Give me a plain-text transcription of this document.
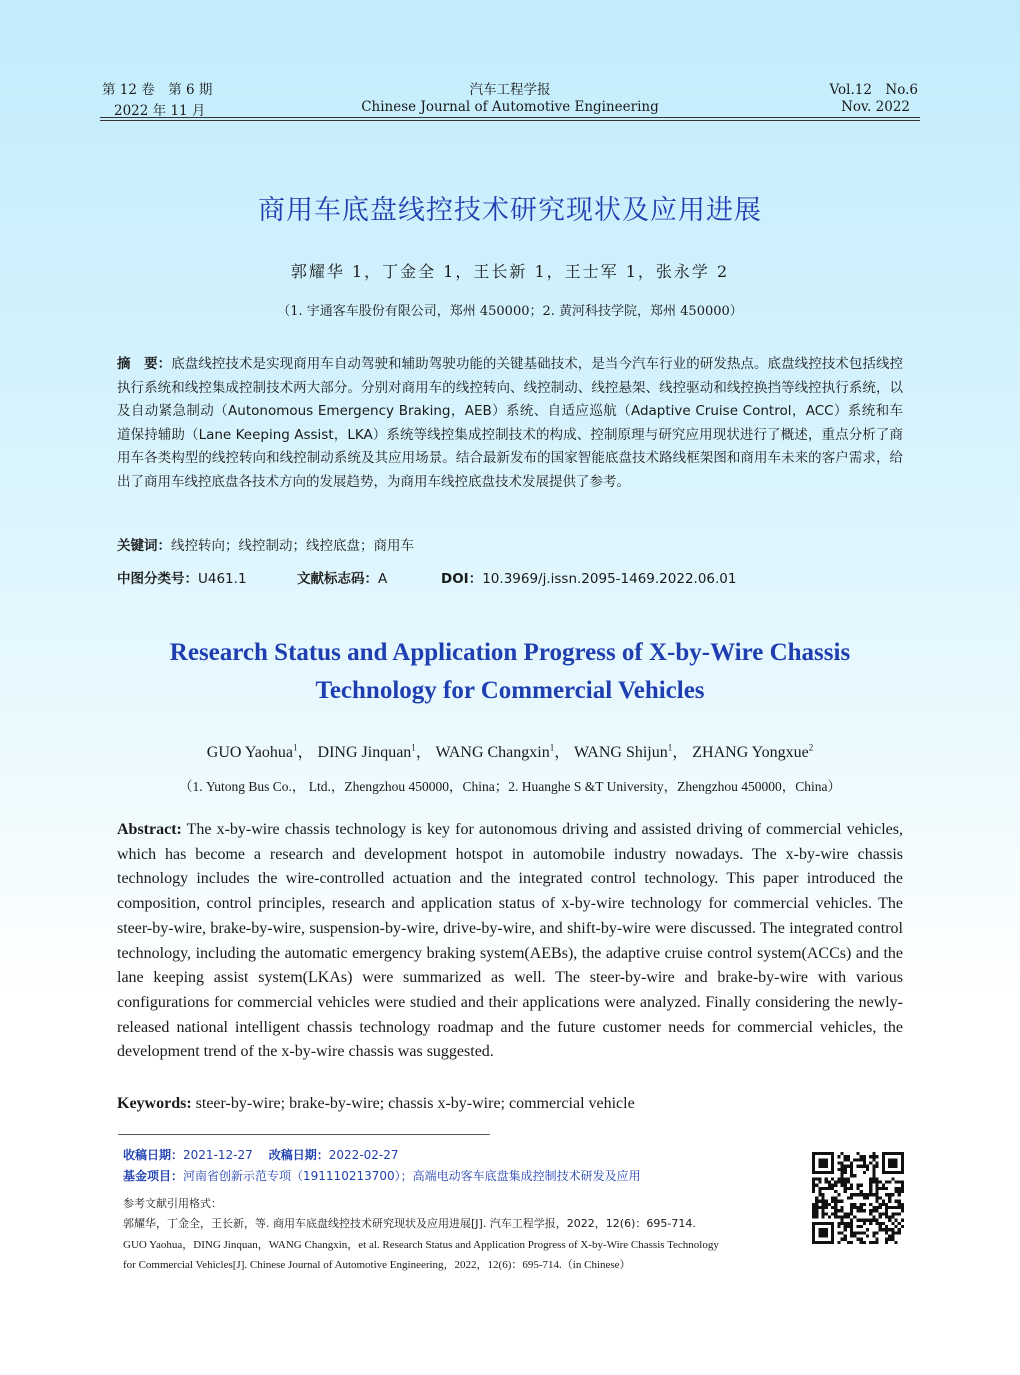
第 12 卷　第 6 期
2022 年 11 月
汽车工程学报
Chinese Journal of Automotive Engineering
Vol.12　No.6
Nov. 2022
商用车底盘线控技术研究现状及应用进展
郭耀华 1，丁金全 1，王长新 1，王士军 1，张永学 2
（1. 宇通客车股份有限公司，郑州 450000；2. 黄河科技学院，郑州 450000）
摘　要：底盘线控技术是实现商用车自动驾驶和辅助驾驶功能的关键基础技术，是当今汽车行业的研发热点。底盘线控技术包括线控执行系统和线控集成控制技术两大部分。分别对商用车的线控转向、线控制动、线控悬架、线控驱动和线控换挡等线控执行系统，以及自动紧急制动（Autonomous Emergency Braking，AEB）系统、自适应巡航（Adaptive Cruise Control，ACC）系统和车道保持辅助（Lane Keeping Assist，LKA）系统等线控集成控制技术的构成、控制原理与研究应用现状进行了概述，重点分析了商用车各类构型的线控转向和线控制动系统及其应用场景。结合最新发布的国家智能底盘技术路线框架图和商用车未来的客户需求，给出了商用车线控底盘各技术方向的发展趋势，为商用车线控底盘技术发展提供了参考。
关键词：线控转向；线控制动；线控底盘；商用车
中图分类号：U461.1	文献标志码：A	DOI：10.3969/j.issn.2095-1469.2022.06.01
Research Status and Application Progress of X-by-Wire Chassis Technology for Commercial Vehicles
GUO Yaohua$^1$， DING Jinquan$^1$， WANG Changxin$^1$， WANG Shijun$^1$， ZHANG Yongxue$^2$
（1. Yutong Bus Co.， Ltd.，Zhengzhou 450000，China；2. Huanghe S &T University，Zhengzhou 450000，China）
Abstract: The x-by-wire chassis technology is key for autonomous driving and assisted driving of commercial vehicles, which has become a research and development hotspot in automobile industry nowadays. The x-by-wire chassis technology includes the wire-controlled actuation and the integrated control technology. This paper introduced the composition, control principles, research and application status of x-by-wire technology for commercial vehicles. The steer-by-wire, brake-by-wire, suspension-by-wire, drive-by-wire, and shift-by-wire were discussed. The integrated control technology, including the automatic emergency braking system(AEBs), the adaptive cruise control system(ACCs) and the lane keeping assist system(LKAs) were summarized as well. The steer-by-wire and brake-by-wire with various configurations for commercial vehicles were studied and their applications were analyzed. Finally considering the newly-released national intelligent chassis technology roadmap and the future customer needs for commercial vehicles, the development trend of the x-by-wire chassis was suggested.
Keywords: steer-by-wire; brake-by-wire; chassis x-by-wire; commercial vehicle
收稿日期：2021-12-27 改稿日期：2022-02-27
基金项目：河南省创新示范专项（191110213700）；高端电动客车底盘集成控制技术研发及应用
参考文献引用格式：
郭耀华，丁金全，王长新，等. 商用车底盘线控技术研究现状及应用进展[J]. 汽车工程学报，2022，12(6)：695-714.
GUO Yaohua，DING Jinquan，WANG Changxin，et al. Research Status and Application Progress of X-by-Wire Chassis Technology
for Commercial Vehicles[J]. Chinese Journal of Automotive Engineering，2022，12(6)：695-714.（in Chinese）
